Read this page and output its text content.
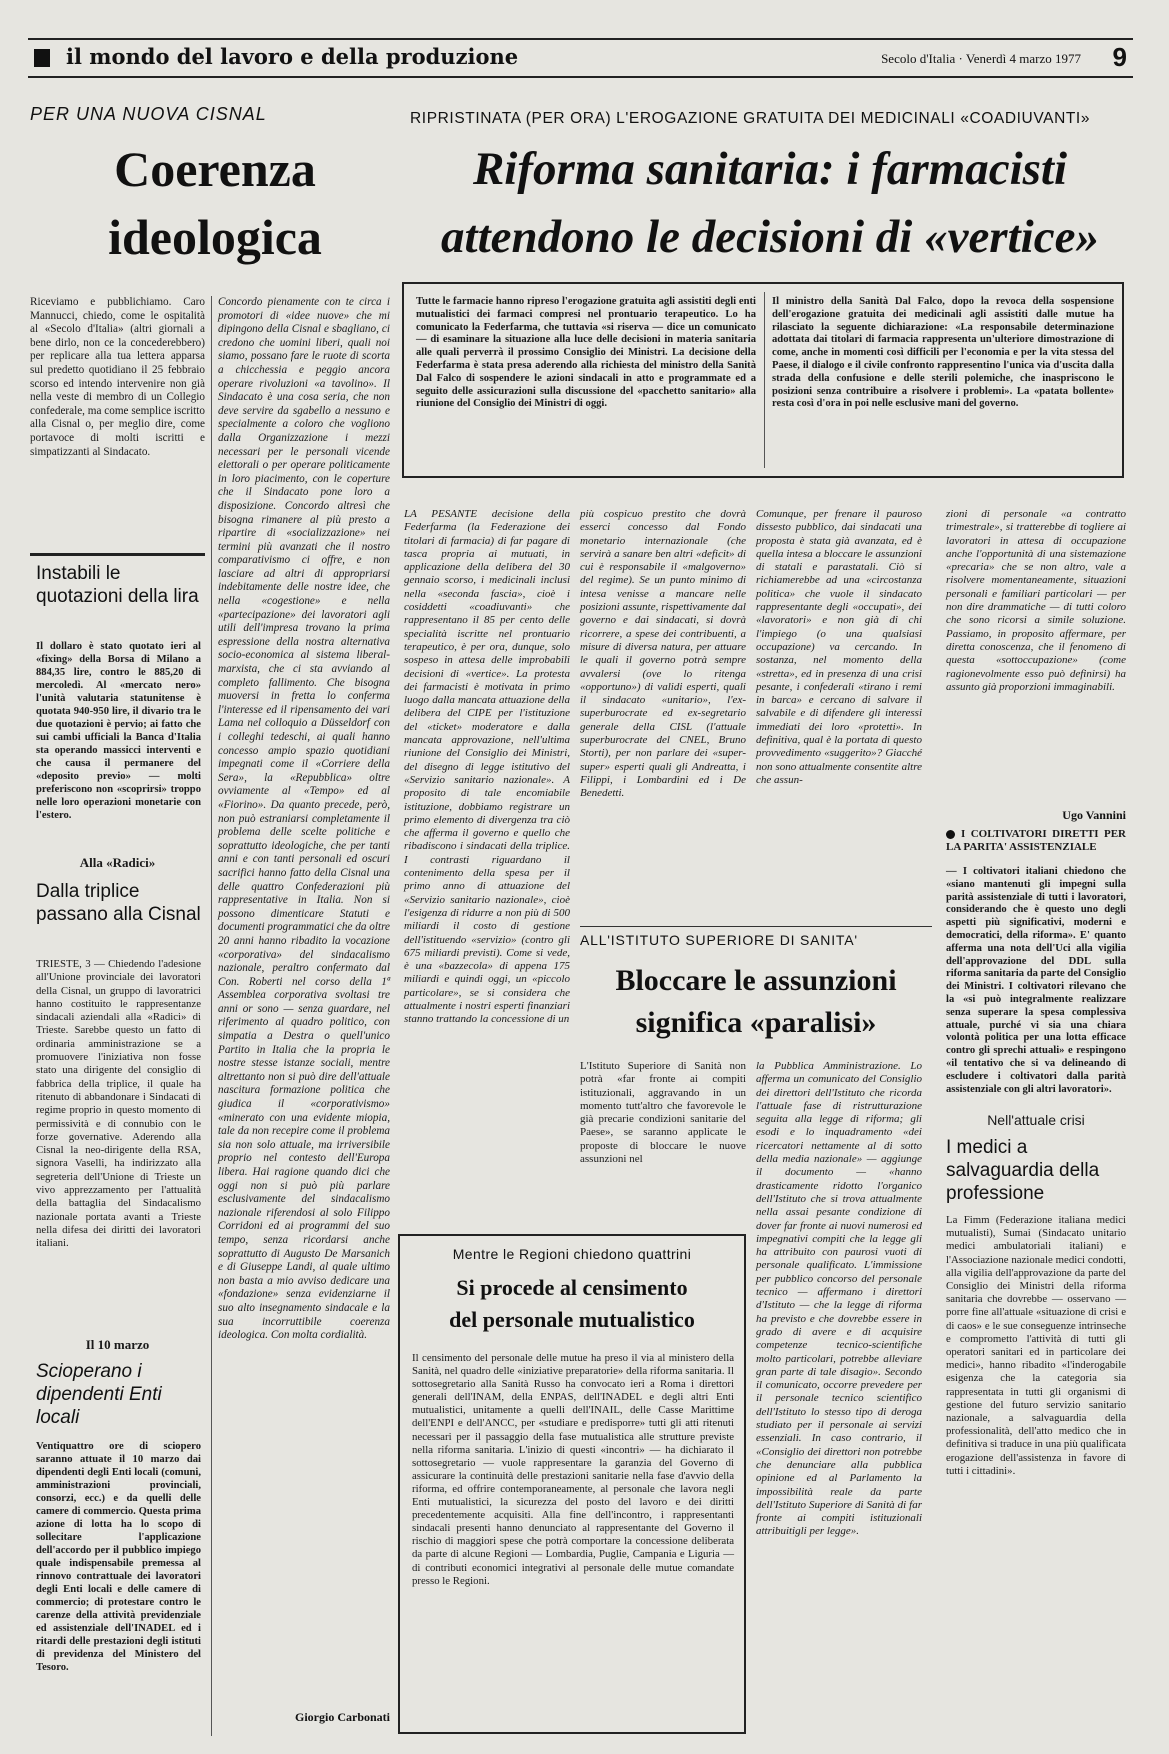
il mondo del lavoro e della produzione	Secolo d'Italia · Venerdì 4 marzo 1977 9
PER UNA NUOVA CISNAL
Coerenza
ideologica

Riceviamo e pubblichiamo. Caro Mannucci, chiedo, come le ospitalità al «Secolo d'Italia» (altri giornali a bene dirlo, non ce la concederebbero) per replicare alla tua lettera apparsa sul predetto quotidiano il 25 febbraio scorso ed intendo intervenire non già nella veste di membro di un Collegio confederale, ma come semplice iscritto alla Cisnal o, per meglio dire, come portavoce di molti iscritti e simpatizzanti al Sindacato.

Concordo pienamente con te circa i promotori di «idee nuove» che mi dipingono della Cisnal e sbagliano, ci credono che uomini liberi, quali noi siamo, possano fare le ruote di scorta a chicchessia e peggio ancora operare rivoluzioni «a tavolino». Il Sindacato è una cosa seria, che non deve servire da sgabello a nessuno e specialmente a coloro che vogliono dalla Organizzazione i mezzi necessari per le personali vicende elettorali o per operare politicamente in loro piacimento, con le coperture che il Sindacato pone loro a disposizione. Concordo altresì che bisogna rimanere al più presto a ripartire di «socializzazione» nei termini più avanzati che il nostro comparativismo ci offre, e non lasciare ad altri di appropriarsi indebitamente delle nostre idee, che nella «cogestione» e nella «partecipazione» dei lavoratori agli utili dell'impresa trovano la prima espressione della nostra alternativa socio-economica al sistema liberal-marxista, che ci sta avviando al completo fallimento. Che bisogna muoversi in fretta lo conferma l'interesse ed il ripensamento dei vari Lama nel colloquio a Düsseldorf con i colleghi tedeschi, ai quali hanno concesso ampio spazio quotidiani impegnati come il «Corriere della Sera», la «Repubblica» oltre ovviamente al «Tempo» ed al «Fiorino». Da quanto precede, però, non può estraniarsi completamente il problema delle scelte politiche e soprattutto ideologiche, che per tanti anni e con tanti personali ed oscuri sacrifici hanno fatto della Cisnal una delle quattro Confederazioni più rappresentative in Italia. Non si possono dimenticare Statuti e documenti programmatici che da oltre 20 anni hanno ribadito la vocazione «corporativa» del sindacalismo nazionale, peraltro confermato dal Con. Roberti nel corso della 1ª Assemblea corporativa svoltasi tre anni or sono — senza guardare, nel riferimento al quadro politico, con simpatia a Destra o quell'unico Partito in Italia che la propria le nostre stesse istanze sociali, mentre altrettanto non si può dire dell'attuale nascitura formazione politica che giudica il «corporativismo» «minerato con una evidente miopia, tale da non recepire come il problema sia non solo attuale, ma irriversibile proprio nel contesto dell'Europa libera. Hai ragione quando dici che oggi non si può più parlare esclusivamente del sindacalismo nazionale riferendosi al solo Filippo Corridoni ed ai programmi del suo tempo, senza ricordarsi anche soprattutto di Augusto De Marsanich e di Giuseppe Landi, al quale ultimo non basta a mio avviso dedicare una «fondazione» senza evidenziarne il suo alto insegnamento sindacale e la sua incorruttibile coerenza ideologica. Con molta cordialità.

Giorgio Carbonati
Instabili le quotazioni della lira
Il dollaro è stato quotato ieri al «fixing» della Borsa di Milano a 884,35 lire, contro le 885,20 di mercoledì. Al «mercato nero» l'unità valutaria statunitense è quotata 940-950 lire, il divario tra le due quotazioni è pervio; ai fatto che sui cambi ufficiali la Banca d'Italia sta operando massicci interventi e che causa il permanere del «deposito previo» — molti preferiscono non «scoprirsi» troppo nelle loro operazioni monetarie con l'estero.
Alla «Radici»
Dalla triplice passano alla Cisnal
TRIESTE, 3 — Chiedendo l'adesione all'Unione provinciale dei lavoratori della Cisnal, un gruppo di lavoratrici hanno costituito le rappresentanze sindacali aziendali alla «Radici» di Trieste. Sarebbe questo un fatto di ordinaria amministrazione se a promuovere l'iniziativa non fosse stato una dirigente del consiglio di fabbrica della triplice, il quale ha ritenuto di abbandonare i Sindacati di regime proprio in questo momento di permissività e di connubio con le forze governative. Aderendo alla Cisnal la neo-dirigente della RSA, signora Vaselli, ha indirizzato alla segreteria dell'Unione di Trieste un vivo apprezzamento per l'attualità della battaglia del Sindacalismo nazionale portata avanti a Trieste nella difesa dei diritti dei lavoratori italiani.
Il 10 marzo
Scioperano i dipendenti Enti locali
Ventiquattro ore di sciopero saranno attuate il 10 marzo dai dipendenti degli Enti locali (comuni, amministrazioni provinciali, consorzi, ecc.) e da quelli delle camere di commercio. Questa prima azione di lotta ha lo scopo di sollecitare l'applicazione dell'accordo per il pubblico impiego quale indispensabile premessa al rinnovo contrattuale dei lavoratori degli Enti locali e delle camere di commercio; di protestare contro le carenze della attività previdenziale ed assistenziale dell'INADEL ed i ritardi delle prestazioni degli istituti di previdenza del Ministero del Tesoro.
RIPRISTINATA (PER ORA) L'EROGAZIONE GRATUITA DEI MEDICINALI «COADIUVANTI»
Riforma sanitaria: i farmacisti
attendono le decisioni di «vertice»
Tutte le farmacie hanno ripreso l'erogazione gratuita agli assistiti degli enti mutualistici dei farmaci compresi nel prontuario terapeutico. Lo ha comunicato la Federfarma, che tuttavia «si riserva — dice un comunicato — di esaminare la situazione alla luce delle decisioni in materia sanitaria alle quali perverrà il prossimo Consiglio dei Ministri. La decisione della Federfarma è stata presa aderendo alla richiesta del ministro della Sanità Dal Falco di sospendere le azioni sindacali in atto e programmate ed a seguito delle assicurazioni sulla discussione del «pacchetto sanitario» alla riunione del Consiglio dei Ministri di oggi.
Il ministro della Sanità Dal Falco, dopo la revoca della sospensione dell'erogazione gratuita dei medicinali agli assistiti dalle mutue ha rilasciato la seguente dichiarazione: «La responsabile determinazione adottata dai titolari di farmacia rappresenta un'ulteriore dimostrazione di come, anche in momenti così difficili per l'economia e per la vita stessa del Paese, il dialogo e il civile confronto rappresentino l'unica via d'uscita dalla strada della confusione e delle sterili polemiche, che inaspriscono le posizioni senza contribuire a risolvere i problemi». La «patata bollente» resta così d'ora in poi nelle esclusive mani del governo.

LA PESANTE decisione della Federfarma (la Federazione dei titolari di farmacia) di far pagare di tasca propria ai mutuati, in applicazione della delibera del 30 gennaio scorso, i medicinali inclusi nella «seconda fascia», cioè i cosiddetti «coadiuvanti» che rappresentano il 85 per cento delle specialità iscritte nel prontuario terapeutico, è per ora, dunque, solo sospeso in attesa delle improbabili decisioni di «vertice». La protesta dei farmacisti è motivata in primo luogo dalla mancata attuazione della delibera del CIPE per l'istituzione del «ticket» moderatore e dalla mancata approvazione, nell'ultima riunione del Consiglio dei Ministri, del disegno di legge istitutivo del «Servizio sanitario nazionale». A proposito di tale encomiabile istituzione, dobbiamo registrare un primo elemento di divergenza tra ciò che afferma il governo e quello che ribadiscono i sindacati della triplice. I contrasti riguardano il contenimento della spesa per il primo anno di attuazione del «Servizio sanitario nazionale», cioè l'esigenza di ridurre a non più di 500 miliardi il costo di gestione dell'istituendo «servizio» (contro gli 675 miliardi previsti). Come si vede, è una «bazzecola» di appena 175 miliardi e quindi oggi, un «piccolo particolare», se si considera che attualmente i nostri esperti finanziari stanno trattando la concessione di un

più cospicuo prestito che dovrà esserci concesso dal Fondo monetario internazionale (che servirà a sanare ben altri «deficit» di cui è responsabile il «malgoverno» del regime). Se un punto minimo di intesa venisse a mancare nelle posizioni assunte, rispettivamente dal governo e dai sindacati, si dovrà ricorrere, a spese dei contribuenti, a misure di diversa natura, per attuare le quali il governo potrà sempre avvalersi (ove lo ritenga «opportuno») di validi esperti, quali il sindacato «unitario», l'ex-superburocrate ed ex-segretario generale della CISL (l'attuale superburocrate del CNEL, Bruno Storti), per non parlare dei «super-super» esperti quali gli Andreatta, i Filippi, i Lombardini ed i De Benedetti.

Comunque, per frenare il pauroso dissesto pubblico, dai sindacati una proposta è stata già avanzata, ed è quella intesa a bloccare le assunzioni di statali e parastatali. Ciò si richiamerebbe ad una «circostanza politica» che vuole il sindacato rappresentante degli «occupati», dei «lavoratori» e non già di chi l'impiego (o una qualsiasi occupazione) va cercando. In sostanza, nel momento della «stretta», ed in presenza di una crisi pesante, i confederali «tirano i remi in barca» e cercano di salvare il salvabile e di difendere gli interessi immediati dei loro «protetti». In definitiva, qual è la portata di questo provvedimento «suggerito»? Giacché non sono attualmente consentite altre che assun-

zioni di personale «a contratto trimestrale», si tratterebbe di togliere ai lavoratori in attesa di occupazione anche l'opportunità di una sistemazione «precaria» che se non altro, vale a risolvere momentaneamente, situazioni personali e familiari particolari — per non dire drammatiche — di tutti coloro che sono ricorsi a simile soluzione. Passiamo, in proposito affermare, per diretta conoscenza, che il fenomeno di questa «sottoccupazione» (come ragionevolmente esso può definirsi) ha assunto già proporzioni immaginabili.

Ugo Vannini
I COLTIVATORI DIRETTI PER LA PARITA' ASSISTENZIALE
— I coltivatori italiani chiedono che «siano mantenuti gli impegni sulla parità assistenziale di tutti i lavoratori, considerando che è questo uno degli aspetti più significativi, moderni e democratici, della riforma». E' quanto afferma una nota dell'Uci alla vigilia dell'approvazione del DDL sulla riforma sanitaria da parte del Consiglio dei Ministri. I coltivatori rilevano che la «si può integralmente realizzare senza superare la spesa complessiva attuale, purché vi sia una chiara volontà politica per una lotta efficace contro gli sprechi attuali» e respingono «il tentativo che si va delineando di escludere i coltivatori dalla parità assistenziale con gli altri lavoratori».
ALL'ISTITUTO SUPERIORE DI SANITA'
Bloccare le assunzioni
significa «paralisi»

L'Istituto Superiore di Sanità non potrà «far fronte ai compiti istituzionali, aggravando in un momento tutt'altro che favorevole le già precarie condizioni sanitarie del Paese», se saranno applicate le proposte di bloccare le nuove assunzioni nel

la Pubblica Amministrazione. Lo afferma un comunicato del Consiglio dei direttori dell'Istituto che ricorda l'attuale fase di ristrutturazione seguita alla legge di riforma; gli esodi e lo inquadramento «dei ricercatori nettamente al di sotto della media nazionale» — aggiunge il documento — «hanno drasticamente ridotto l'organico dell'Istituto che si trova attualmente nella assai pesante condizione di dover far fronte ai nuovi numerosi ed impegnativi compiti che la legge gli ha attribuito con paurosi vuoti di personale qualificato. L'immissione per pubblico concorso del personale tecnico — affermano i direttori d'Istituto — che la legge di riforma ha previsto e che dovrebbe essere in grado di avere e di acquisire competenze tecnico-scientifiche molto particolari, potrebbe alleviare gran parte di tale disagio». Secondo il comunicato, occorre prevedere per il personale tecnico scientifico dell'Istituto lo stesso tipo di deroga studiato per il personale ai servizi essenziali. In caso contrario, il «Consiglio dei direttori non potrebbe che denunciare alla pubblica opinione ed al Parlamento la impossibilità reale da parte dell'Istituto Superiore di Sanità di far fronte ai compiti istituzionali attribuitigli per legge».

Mentre le Regioni chiedono quattrini
Si procede al censimento
del personale mutualistico
Il censimento del personale delle mutue ha preso il via al ministero della Sanità, nel quadro delle «iniziative preparatorie» della riforma sanitaria. Il sottosegretario alla Sanità Russo ha convocato ieri a Roma i direttori generali dell'INAM, della ENPAS, dell'INADEL e degli altri Enti mutualistici, unitamente a quelli dell'INAIL, delle Casse Marittime dell'ENPI e dell'ANCC, per «studiare e predisporre» tutti gli atti ritenuti necessari per il passaggio della fase mutualistica alle strutture previste nella riforma sanitaria. L'inizio di questi «incontri» — ha dichiarato il sottosegretario — vuole rappresentare la garanzia del Governo di assicurare la continuità delle prestazioni sanitarie nella fase d'avvio della riforma, ed offrire contemporaneamente, al personale che lavora negli Enti mutualistici, la sicurezza del posto del lavoro e dei diritti precedentemente acquisiti. Alla fine dell'incontro, i rappresentanti sindacali presenti hanno denunciato al rappresentante del Governo il rischio di maggiori spese che potrà comportare la concessione deliberata da parte di alcune Regioni — Lombardia, Puglie, Campania e Liguria — di contributi economici integrativi al personale delle mutue comandate presso le Regioni.
Nell'attuale crisi
I medici a salvaguardia della professione
La Fimm (Federazione italiana medici mutualisti), Sumai (Sindacato unitario medici ambulatoriali italiani) e l'Associazione nazionale medici condotti, alla vigilia dell'approvazione da parte del Consiglio dei Ministri della riforma sanitaria che dovrebbe — osservano — porre fine all'attuale «situazione di crisi e di caos» e le sue conseguenze intrinseche e comprometto l'attività di tutti gli operatori sanitari ed in particolare dei medici», hanno ribadito «l'inderogabile esigenza che la categoria sia rappresentata in tutti gli organismi di gestione del futuro servizio sanitario nazionale, a salvaguardia della professionalità, dell'atto medico che in definitiva si traduce in una più qualificata erogazione dell'assistenza in favore di tutti i cittadini».
